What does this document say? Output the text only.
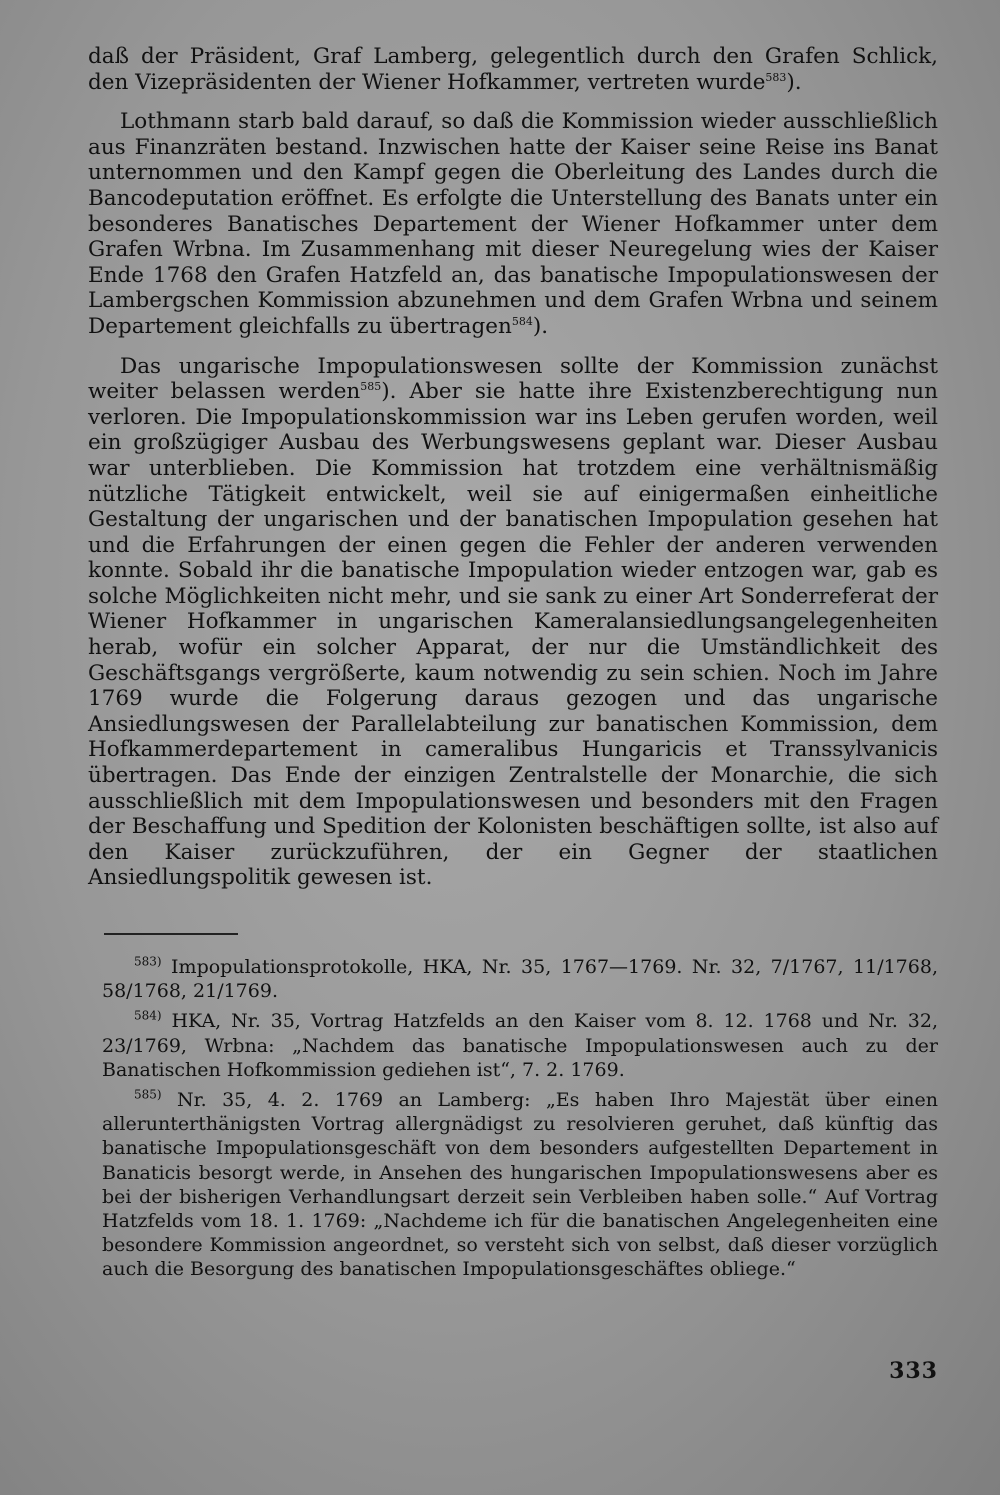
daß der Präsident, Graf Lamberg, gelegentlich durch den Grafen Schlick, den Vizepräsidenten der Wiener Hofkammer, vertreten wurde$^{583}$).

Lothmann starb bald darauf, so daß die Kommission wieder ausschließlich aus Finanzräten bestand. Inzwischen hatte der Kaiser seine Reise ins Banat unternommen und den Kampf gegen die Oberleitung des Landes durch die Bancodeputation eröffnet. Es erfolgte die Unterstellung des Banats unter ein besonderes Banatisches Departement der Wiener Hofkammer unter dem Grafen Wrbna. Im Zusammenhang mit dieser Neuregelung wies der Kaiser Ende 1768 den Grafen Hatzfeld an, das banatische Impopulationswesen der Lambergschen Kommission abzunehmen und dem Grafen Wrbna und seinem Departement gleichfalls zu übertragen$^{584}$).

Das ungarische Impopulationswesen sollte der Kommission zunächst weiter belassen werden$^{585}$). Aber sie hatte ihre Existenzberechtigung nun verloren. Die Impopulationskommission war ins Leben gerufen worden, weil ein großzügiger Ausbau des Werbungswesens geplant war. Dieser Ausbau war unterblieben. Die Kommission hat trotzdem eine verhältnismäßig nützliche Tätigkeit entwickelt, weil sie auf einigermaßen einheitliche Gestaltung der ungarischen und der banatischen Impopulation gesehen hat und die Erfahrungen der einen gegen die Fehler der anderen verwenden konnte. Sobald ihr die banatische Impopulation wieder entzogen war, gab es solche Möglichkeiten nicht mehr, und sie sank zu einer Art Sonderreferat der Wiener Hofkammer in ungarischen Kameralansiedlungsangelegenheiten herab, wofür ein solcher Apparat, der nur die Umständlichkeit des Geschäftsgangs vergrößerte, kaum notwendig zu sein schien. Noch im Jahre 1769 wurde die Folgerung daraus gezogen und das ungarische Ansiedlungswesen der Parallelabteilung zur banatischen Kommission, dem Hofkammerdepartement in cameralibus Hungaricis et Transsylvanicis übertragen. Das Ende der einzigen Zentralstelle der Monarchie, die sich ausschließlich mit dem Impopulationswesen und besonders mit den Fragen der Beschaffung und Spedition der Kolonisten beschäftigen sollte, ist also auf den Kaiser zurückzuführen, der ein Gegner der staatlichen Ansiedlungspolitik gewesen ist.

$^{583)}$ Impopulationsprotokolle, HKA, Nr. 35, 1767—1769. Nr. 32, 7/1767, 11/1768, 58/1768, 21/1769.

$^{584)}$ HKA, Nr. 35, Vortrag Hatzfelds an den Kaiser vom 8. 12. 1768 und Nr. 32, 23/1769, Wrbna: „Nachdem das banatische Impopulationswesen auch zu der Banatischen Hofkommission gediehen ist“, 7. 2. 1769.

$^{585)}$ Nr. 35, 4. 2. 1769 an Lamberg: „Es haben Ihro Majestät über einen allerunterthänigsten Vortrag allergnädigst zu resolvieren geruhet, daß künftig das banatische Impopulationsgeschäft von dem besonders aufgestellten Departement in Banaticis besorgt werde, in Ansehen des hungarischen Impopulationswesens aber es bei der bisherigen Verhandlungsart derzeit sein Verbleiben haben solle.“ Auf Vortrag Hatzfelds vom 18. 1. 1769: „Nachdeme ich für die banatischen Angelegenheiten eine besondere Kommission angeordnet, so versteht sich von selbst, daß dieser vorzüglich auch die Besorgung des banatischen Impopulationsgeschäftes obliege.“

333
